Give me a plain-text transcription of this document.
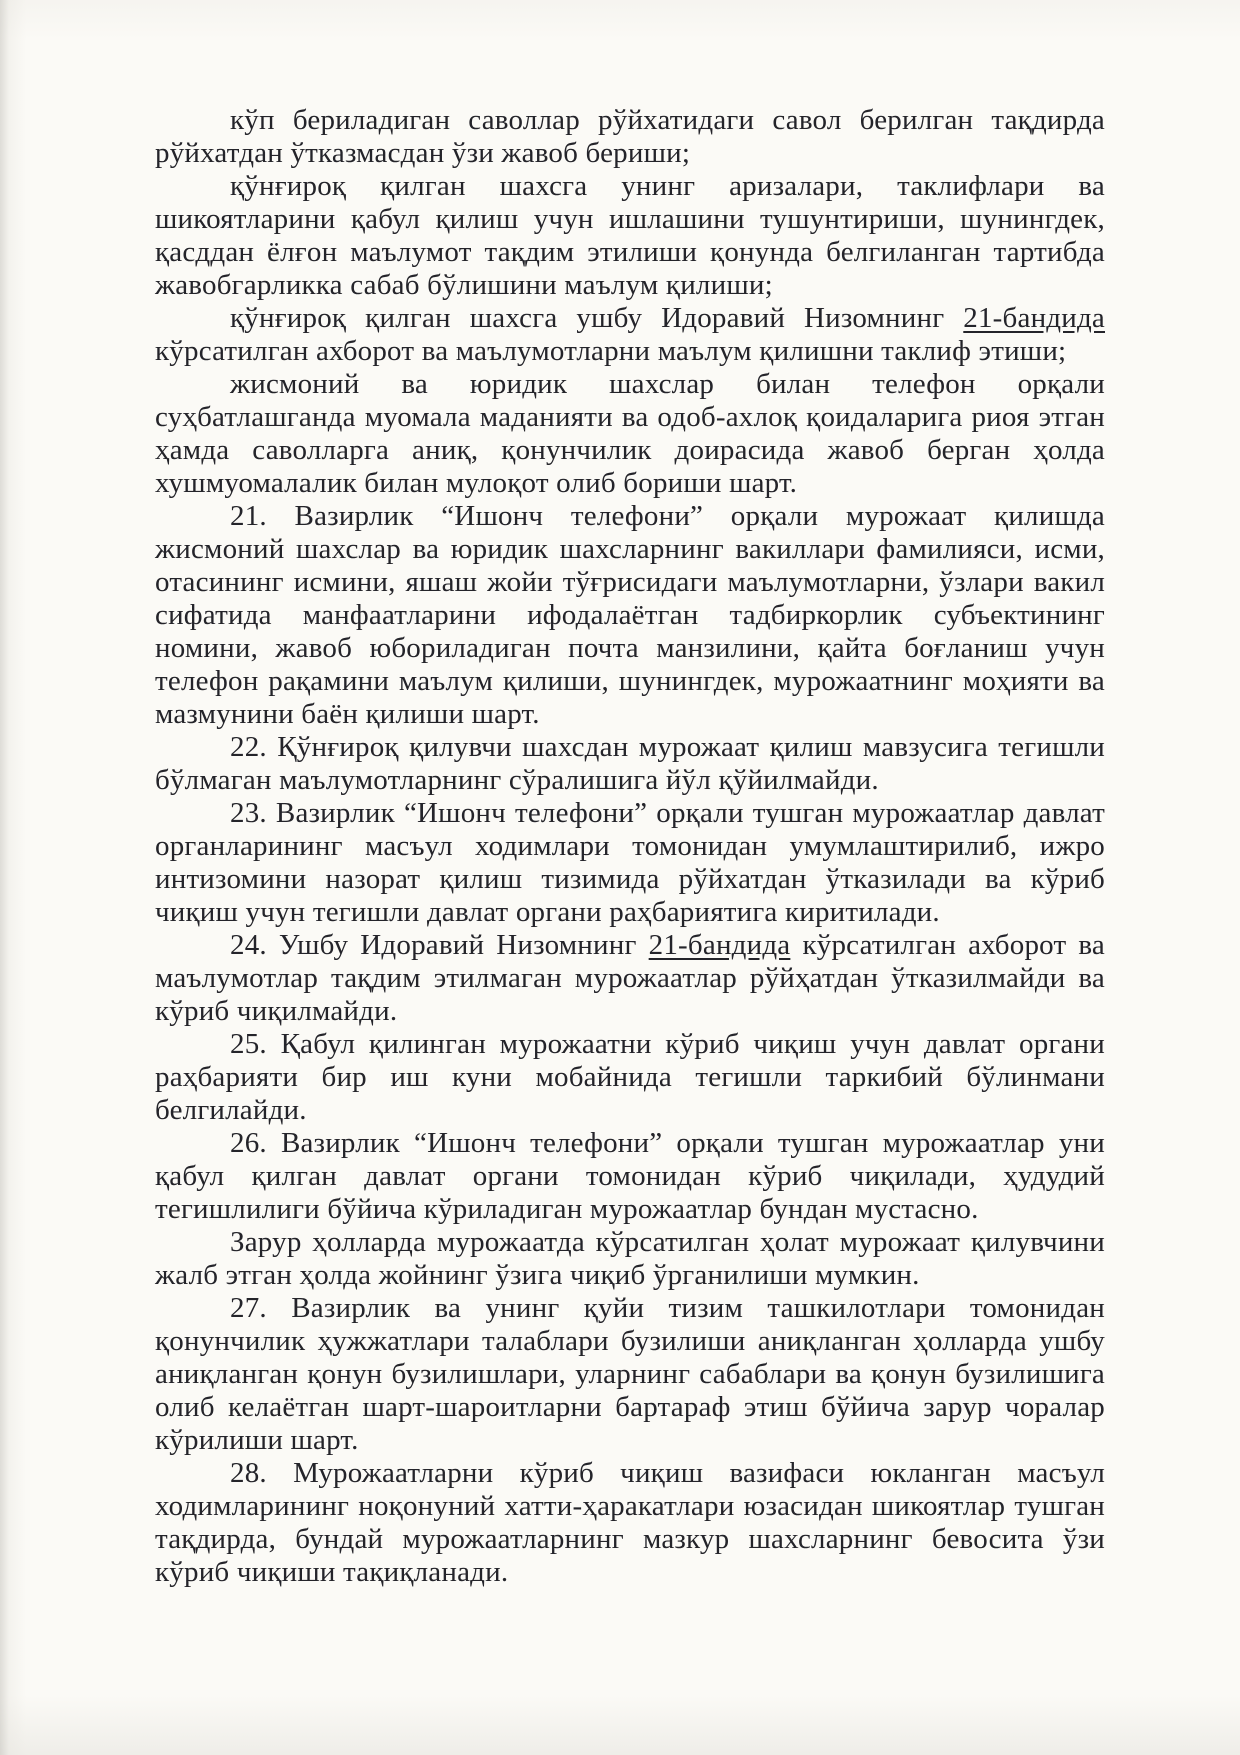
кўп бериладиган саволлар рўйхатидаги савол берилган тақдирда рўйхатдан ўтказмасдан ўзи жавоб бериши;

қўнғироқ қилган шахсга унинг аризалари, таклифлари ва шикоятларини қабул қилиш учун ишлашини тушунтириши, шунингдек, қасддан ёлғон маълумот тақдим этилиши қонунда белгиланган тартибда жавобгарликка сабаб бўлишини маълум қилиши;

қўнғироқ қилган шахсга ушбу Идоравий Низомнинг 21-бандида кўрсатилган ахборот ва маълумотларни маълум қилишни таклиф этиши;

жисмоний ва юридик шахслар билан телефон орқали суҳбатлашганда муомала маданияти ва одоб-ахлоқ қоидаларига риоя этган ҳамда саволларга аниқ, қонунчилик доирасида жавоб берган ҳолда хушмуомалалик билан мулоқот олиб бориши шарт.

21. Вазирлик “Ишонч телефони” орқали мурожаат қилишда жисмоний шахслар ва юридик шахсларнинг вакиллари фамилияси, исми, отасининг исмини, яшаш жойи тўғрисидаги маълумотларни, ўзлари вакил сифатида манфаатларини ифодалаётган тадбиркорлик субъектининг номини, жавоб юбориладиган почта манзилини, қайта боғланиш учун телефон рақамини маълум қилиши, шунингдек, мурожаатнинг моҳияти ва мазмунини баён қилиши шарт.

22. Қўнғироқ қилувчи шахсдан мурожаат қилиш мавзусига тегишли бўлмаган маълумотларнинг сўралишига йўл қўйилмайди.

23. Вазирлик “Ишонч телефони” орқали тушган мурожаатлар давлат органларининг масъул ходимлари томонидан умумлаштирилиб, ижро интизомини назорат қилиш тизимида рўйхатдан ўтказилади ва кўриб чиқиш учун тегишли давлат органи раҳбариятига киритилади.

24. Ушбу Идоравий Низомнинг 21-бандида кўрсатилган ахборот ва маълумотлар тақдим этилмаган мурожаатлар рўйҳатдан ўтказилмайди ва кўриб чиқилмайди.

25. Қабул қилинган мурожаатни кўриб чиқиш учун давлат органи раҳбарияти бир иш куни мобайнида тегишли таркибий бўлинмани белгилайди.

26. Вазирлик “Ишонч телефони” орқали тушган мурожаатлар уни қабул қилган давлат органи томонидан кўриб чиқилади, ҳудудий тегишлилиги бўйича кўриладиган мурожаатлар бундан мустасно.

Зарур ҳолларда мурожаатда кўрсатилган ҳолат мурожаат қилувчини жалб этган ҳолда жойнинг ўзига чиқиб ўрганилиши мумкин.

27. Вазирлик ва унинг қуйи тизим ташкилотлари томонидан қонунчилик ҳужжатлари талаблари бузилиши аниқланган ҳолларда ушбу аниқланган қонун бузилишлари, уларнинг сабаблари ва қонун бузилишига олиб келаётган шарт-шароитларни бартараф этиш бўйича зарур чоралар кўрилиши шарт.

28. Мурожаатларни кўриб чиқиш вазифаси юкланган масъул ходимларининг ноқонуний хатти-ҳаракатлари юзасидан шикоятлар тушган тақдирда, бундай мурожаатларнинг мазкур шахсларнинг бевосита ўзи кўриб чиқиши тақиқланади.
